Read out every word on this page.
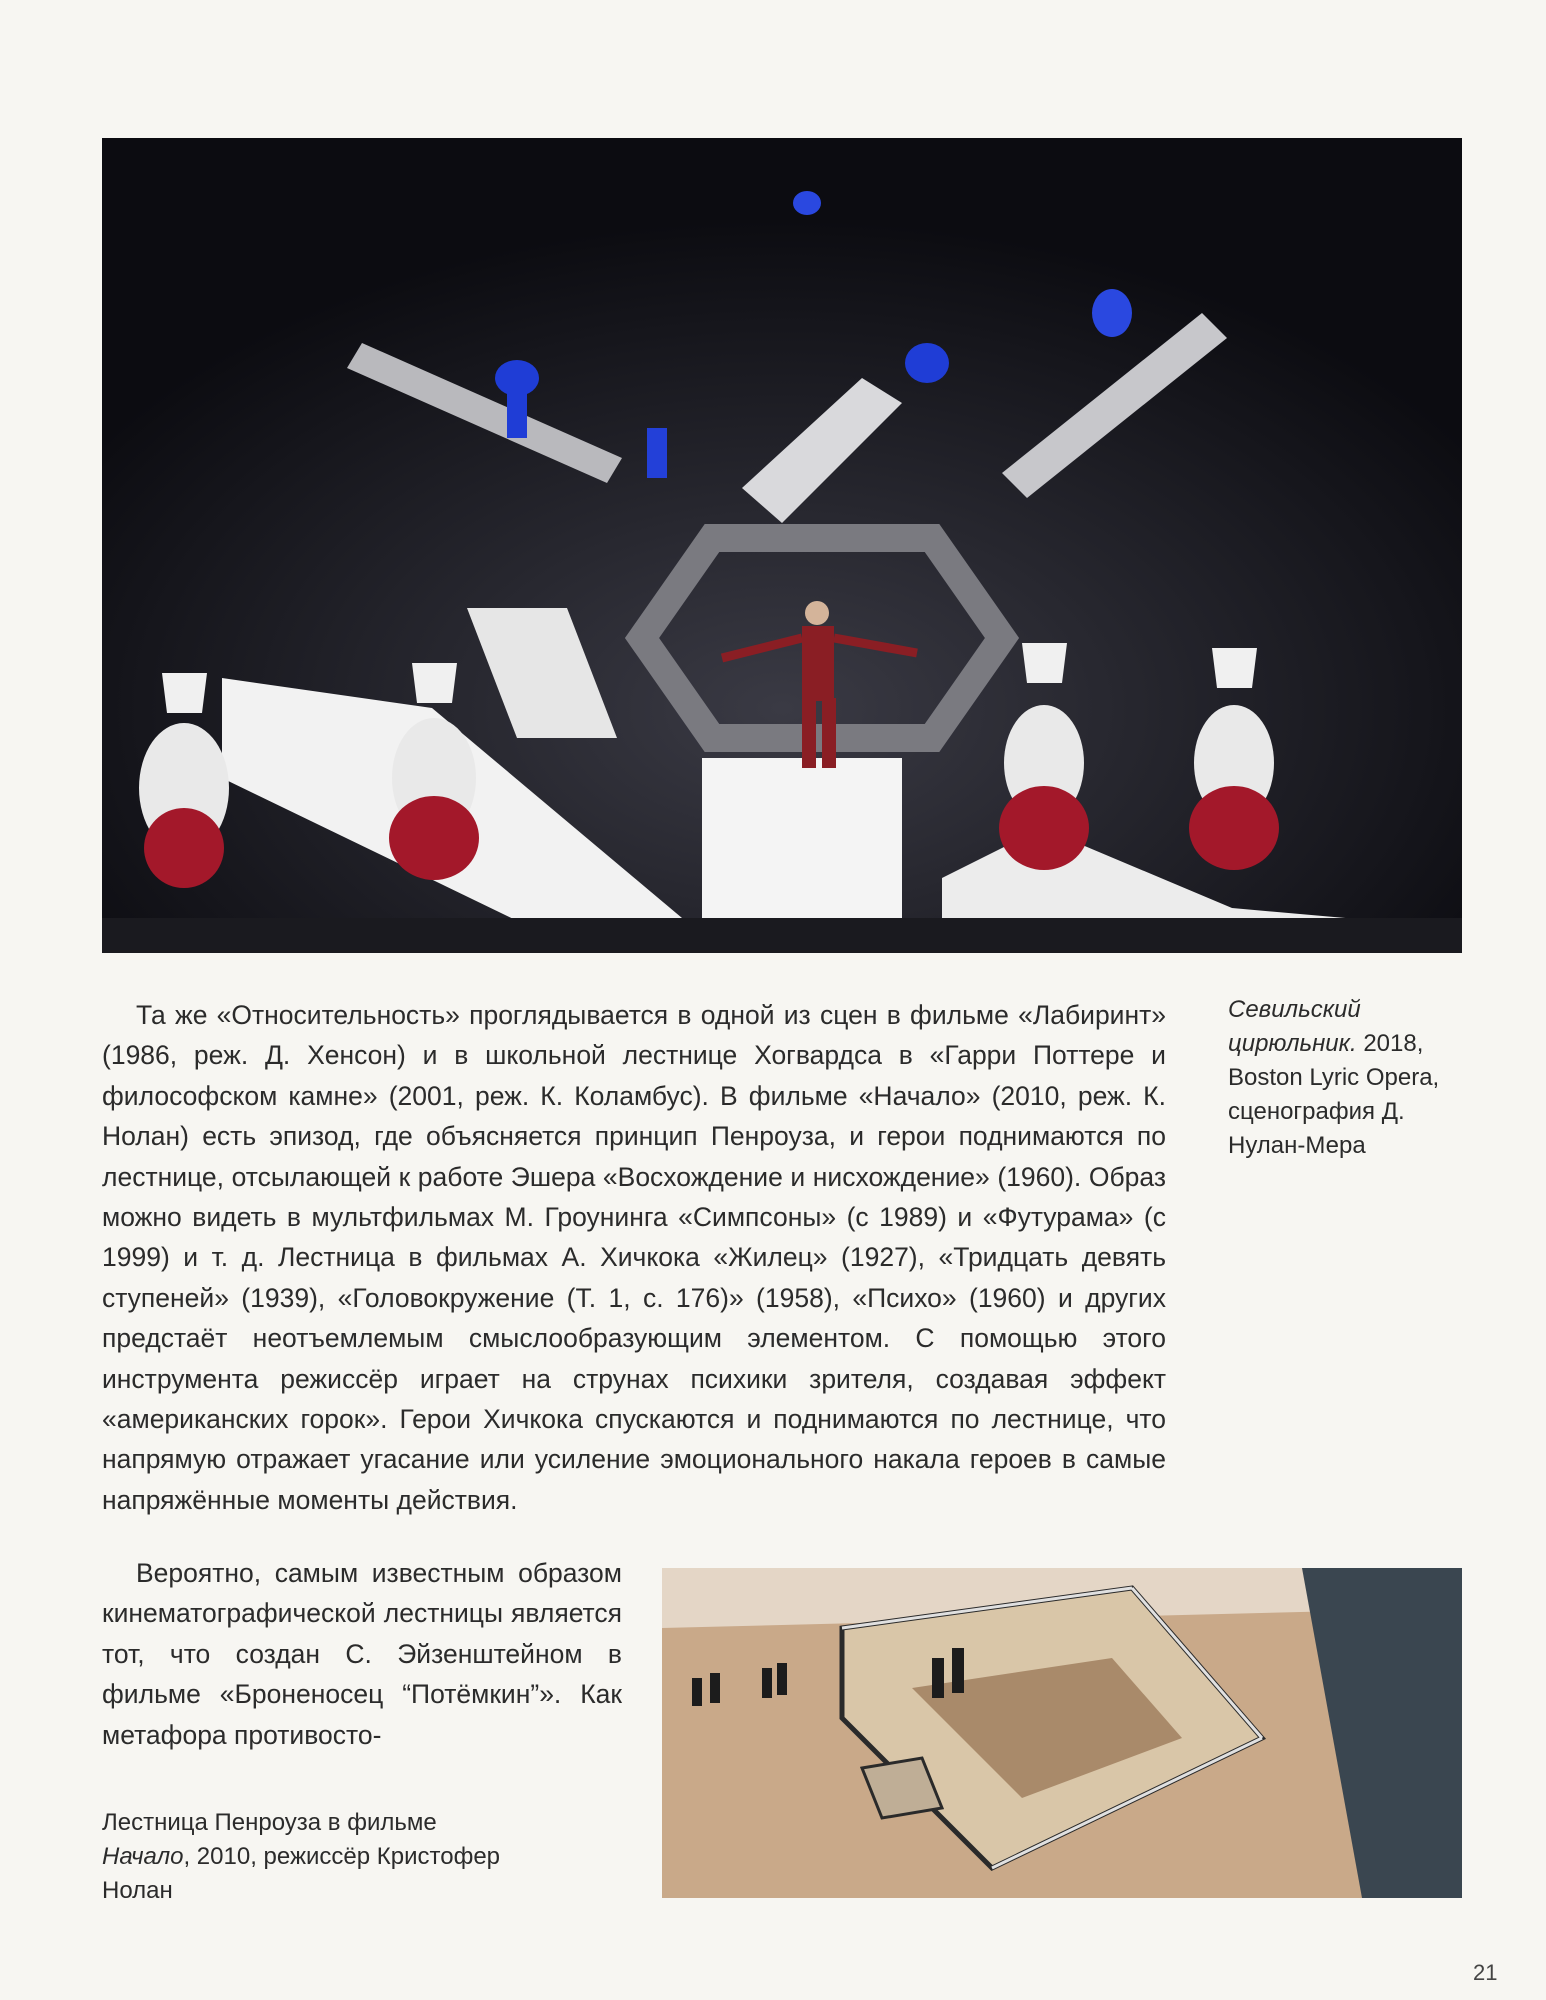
Та же «Относительность» проглядывается в одной из сцен в фильме «Лабиринт» (1986, реж. Д. Хенсон) и в школьной лестнице Хогвардса в «Гарри Поттере и философском камне» (2001, реж. К. Коламбус). В фильме «Начало» (2010, реж. К. Нолан) есть эпизод, где объясняется принцип Пенроуза, и герои поднимаются по лестнице, отсылающей к работе Эшера «Восхождение и нисхождение» (1960). Образ можно видеть в мультфильмах М. Гроунинга «Симпсоны» (с 1989) и «Футурама» (с 1999) и т. д. Лестница в фильмах А. Хичкока «Жилец» (1927), «Тридцать девять ступеней» (1939), «Головокружение (Т. 1, с. 176)» (1958), «Психо» (1960) и других предстаёт неотъемлемым смыслообразующим элементом. С помощью этого инструмента режиссёр играет на струнах психики зрителя, создавая эффект «американских горок». Герои Хичкока спускаются и поднимаются по лестнице, что напрямую отражает угасание или усиление эмоционального накала героев в самые напряжённые моменты действия.

Севильский цирюльник. 2018, Boston Lyric Opera, сценография Д. Нулан-Мера

Вероятно, самым известным образом кинематографической лестницы является тот, что создан С. Эйзенштейном в фильме «Броненосец “Потёмкин”». Как метафора противосто-

Лестница Пенроуза в фильме Начало, 2010, режиссёр Кристофер Нолан
21
